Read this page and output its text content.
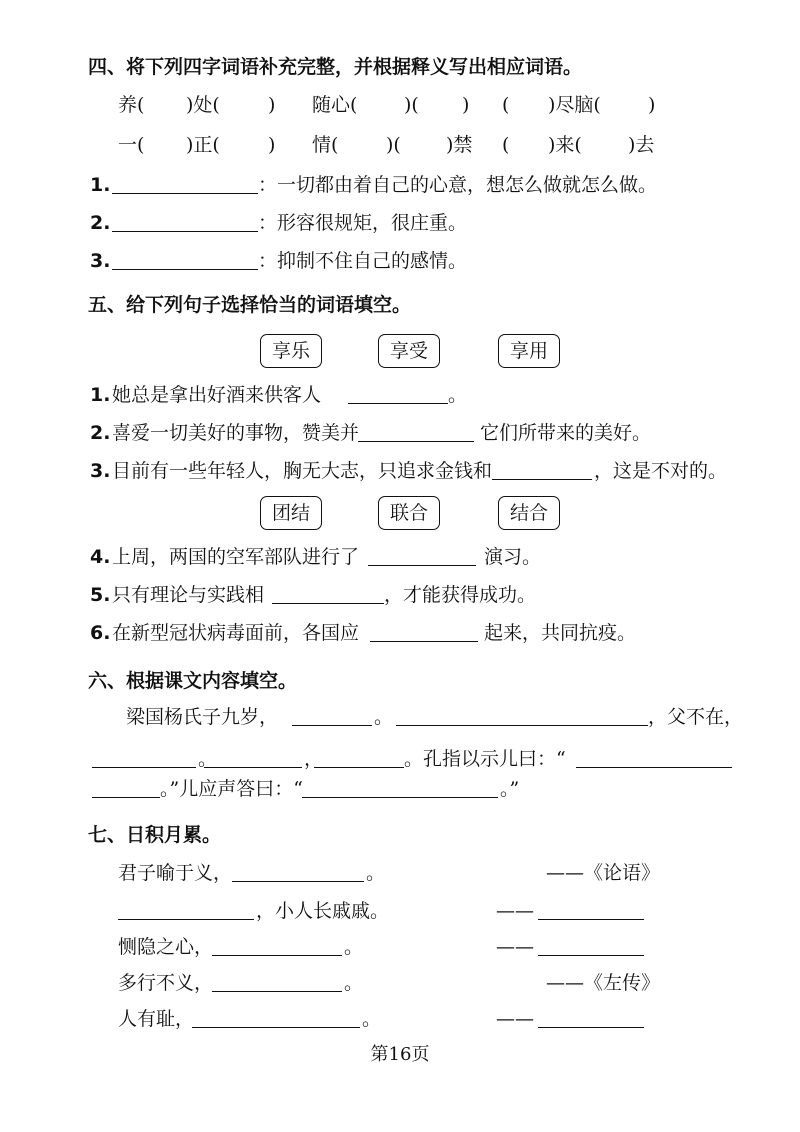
四、将下列四字词语补充完整，并根据释义写出相应词语。
养( )处(	) 随心( )( ) ( )尽脑( )
一( )正(	) 情(	)( )禁 ( )来( )去
1.	：一切都由着自己的心意，想怎么做就怎么做。
2.	：形容很规矩，很庄重。
3.	：抑制不住自己的感情。
五、给下列句子选择恰当的词语填空。
享乐	享受	享用
1. 她总是拿出好酒来供客人	。
2. 喜爱一切美好的事物，赞美并	它们所带来的美好。
3. 目前有一些年轻人，胸无大志，只追求金钱和	，这是不对的。
团结	联合	结合
4. 上周，两国的空军部队进行了	演习。
5. 只有理论与实践相	，才能获得成功。
6. 在新型冠状病毒面前，各国应	起来，共同抗疫。
六、根据课文内容填空。
梁国杨氏子九岁，	。	，父不在，
。	，	。孔指以示儿曰：“
。”儿应声答曰：“	。”
七、日积月累。
君子喻于义，	。	——《论语》
，小人长戚戚。	——
恻隐之心，	。	——
多行不义，	。	——《左传》
人有耻，	。	——
第16页
